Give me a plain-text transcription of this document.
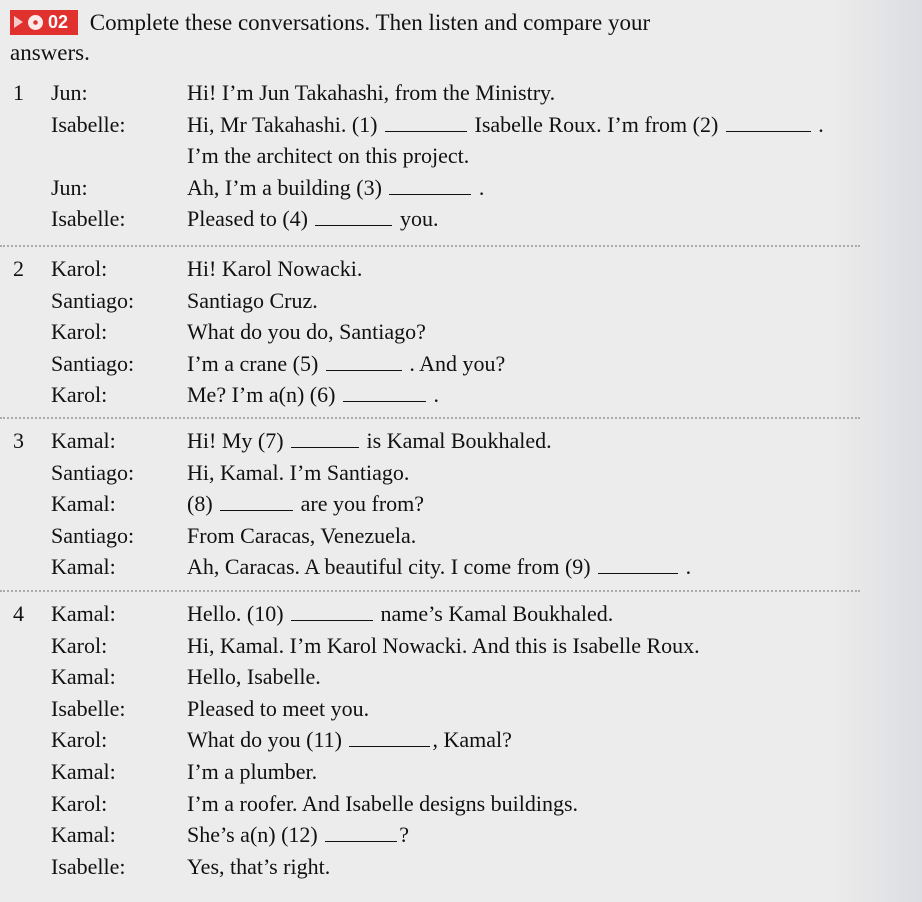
02 Complete these conversations. Then listen and compare your
answers.
1 Jun:	Hi! I’m Jun Takahashi, from the Ministry.
Isabelle:	Hi, Mr Takahashi. (1)	Isabelle Roux. I’m from (2)	.
I’m the architect on this project.
Jun:	Ah, I’m a building (3)	.
Isabelle:	Pleased to (4)	you.
2 Karol:	Hi! Karol Nowacki.
Santiago: Santiago Cruz.
Karol:	What do you do, Santiago?
Santiago: I’m a crane (5)	. And you?
Karol:	Me? I’m a(n) (6)	.
3 Kamal:	Hi! My (7)	is Kamal Boukhaled.
Santiago: Hi, Kamal. I’m Santiago.
Kamal:	(8)	are you from?
Santiago: From Caracas, Venezuela.
Kamal:	Ah, Caracas. A beautiful city. I come from (9)	.
4 Kamal:	Hello. (10)	name’s Kamal Boukhaled.
Karol:	Hi, Kamal. I’m Karol Nowacki. And this is Isabelle Roux.
Kamal:	Hello, Isabelle.
Isabelle:	Pleased to meet you.
Karol:	What do you (11)	, Kamal?
Kamal:	I’m a plumber.
Karol:	I’m a roofer. And Isabelle designs buildings.
Kamal:	She’s a(n) (12)	?
Isabelle:	Yes, that’s right.
